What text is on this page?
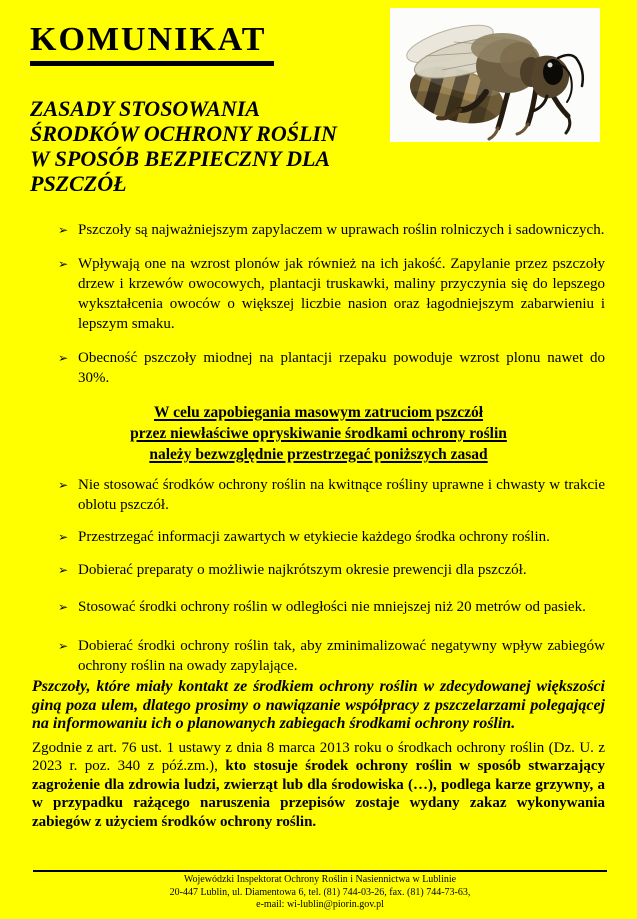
KOMUNIKAT
ZASADY STOSOWANIA
ŚRODKÓW OCHRONY ROŚLIN
W SPOSÓB BEZPIECZNY DLA
PSZCZÓŁ
➢ Pszczoły są najważniejszym zapylaczem w uprawach roślin rolniczych i sadowniczych.
➢ Wpływają one na wzrost plonów jak również na ich jakość. Zapylanie przez pszczoły drzew i krzewów owocowych, plantacji truskawki, maliny przyczynia się do lepszego wykształcenia owoców o większej liczbie nasion oraz łagodniejszym zabarwieniu i lepszym smaku.
➢ Obecność pszczoły miodnej na plantacji rzepaku powoduje wzrost plonu nawet do 30%.
W celu zapobiegania masowym zatruciom pszczół
przez niewłaściwe opryskiwanie środkami ochrony roślin
należy bezwzględnie przestrzegać poniższych zasad
➢ Nie stosować środków ochrony roślin na kwitnące rośliny uprawne i chwasty w trakcie oblotu pszczół.
➢ Przestrzegać informacji zawartych w etykiecie każdego środka ochrony roślin.
➢ Dobierać preparaty o możliwie najkrótszym okresie prewencji dla pszczół.
➢ Stosować środki ochrony roślin w odległości nie mniejszej niż 20 metrów od pasiek.
➢ Dobierać środki ochrony roślin tak, aby zminimalizować negatywny wpływ zabiegów ochrony roślin na owady zapylające.

Pszczoły, które miały kontakt ze środkiem ochrony roślin w zdecydowanej większości giną poza ulem, dlatego prosimy o nawiązanie współpracy z pszczelarzami polegającej na informowaniu ich o planowanych zabiegach środkami ochrony roślin.

Zgodnie z art. 76 ust. 1 ustawy z dnia 8 marca 2013 roku o środkach ochrony roślin (Dz. U. z 2023 r. poz. 340 z póź.zm.), kto stosuje środek ochrony roślin w sposób stwarzający zagrożenie dla zdrowia ludzi, zwierząt lub dla środowiska (…), podlega karze grzywny, a w przypadku rażącego naruszenia przepisów zostaje wydany zakaz wykonywania zabiegów z użyciem środków ochrony roślin.

Wojewódzki Inspektorat Ochrony Roślin i Nasiennictwa w Lublinie
20-447 Lublin, ul. Diamentowa 6, tel. (81) 744-03-26, fax. (81) 744-73-63,
e-mail: wi-lublin@piorin.gov.pl
